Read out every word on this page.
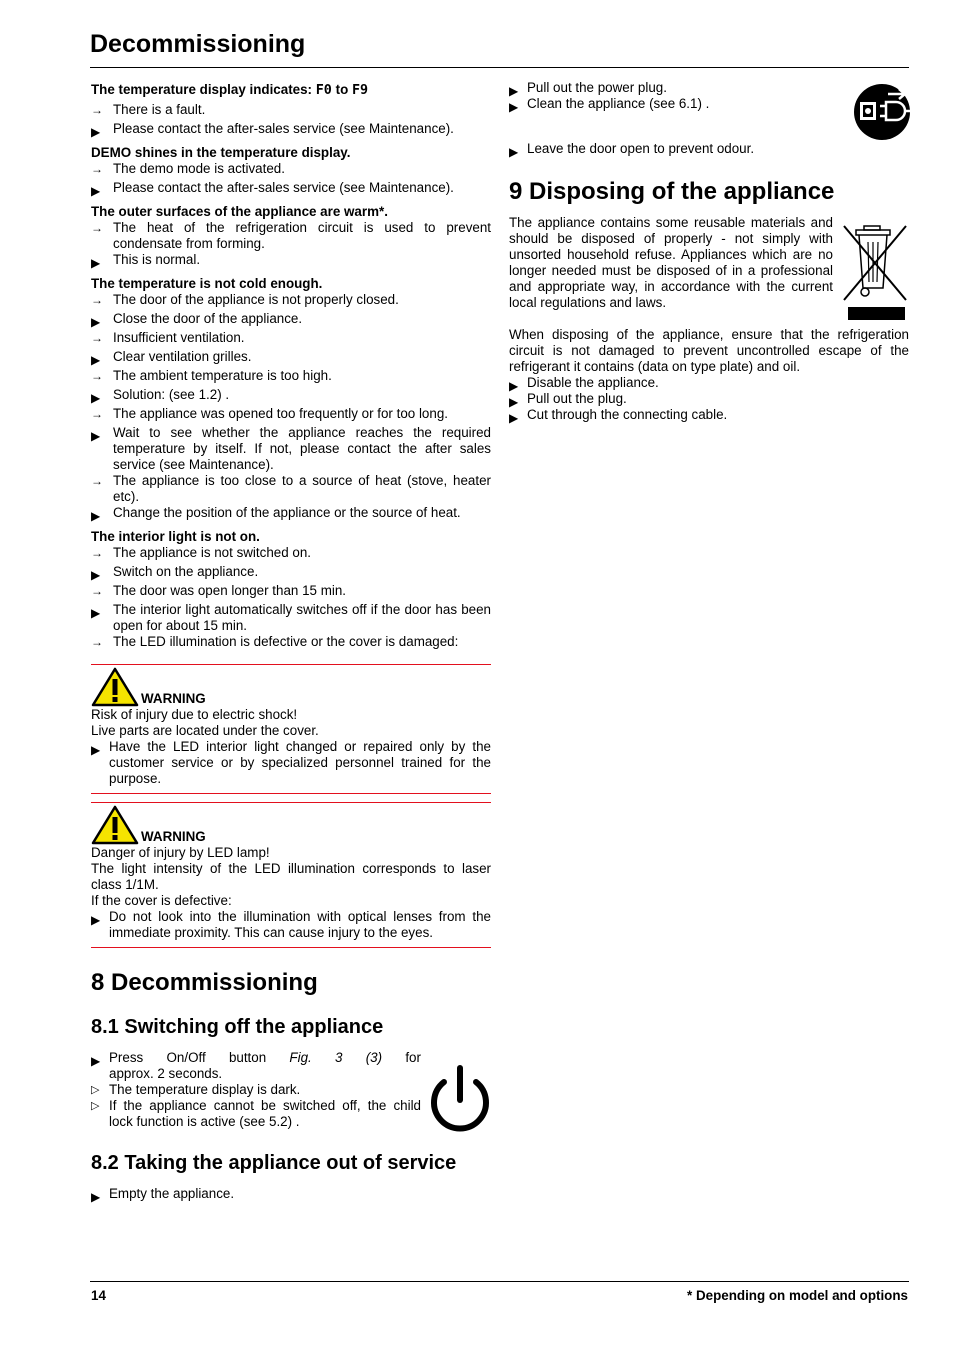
Decommissioning
The temperature display indicates: F0 to F9
→ There is a fault.
▶ Please contact the after-sales service (see Maintenance).
DEMO shines in the temperature display.
→ The demo mode is activated.
▶ Please contact the after-sales service (see Maintenance).
The outer surfaces of the appliance are warm*.
→ The heat of the refrigeration circuit is used to prevent condensate from forming.
▶ This is normal.
The temperature is not cold enough.
→ The door of the appliance is not properly closed.
▶ Close the door of the appliance.
→ Insufficient ventilation.
▶ Clear ventilation grilles.
→ The ambient temperature is too high.
▶ Solution: (see 1.2) .
→ The appliance was opened too frequently or for too long.
▶ Wait to see whether the appliance reaches the required temperature by itself. If not, please contact the after sales service (see Maintenance).
→ The appliance is too close to a source of heat (stove, heater etc).
▶ Change the position of the appliance or the source of heat.
The interior light is not on.
→ The appliance is not switched on.
▶ Switch on the appliance.
→ The door was open longer than 15 min.
▶ The interior light automatically switches off if the door has been open for about 15 min.
→ The LED illumination is defective or the cover is damaged:
WARNING
Risk of injury due to electric shock!
Live parts are located under the cover.
▶ Have the LED interior light changed or repaired only by the customer service or by specialized personnel trained for the purpose.
WARNING
Danger of injury by LED lamp!
The light intensity of the LED illumination corresponds to laser class 1/1M.
If the cover is defective:
▶ Do not look into the illumination with optical lenses from the immediate proximity. This can cause injury to the eyes.
8 Decommissioning
8.1 Switching off the appliance
▶ Press On/Off button Fig. 3 (3) for
approx. 2 seconds.
▷ The temperature display is dark.
▷ If the appliance cannot be switched off, the child lock function is active (see 5.2) .
8.2 Taking the appliance out of service
▶ Empty the appliance.
▶ Pull out the power plug.
▶ Clean the appliance (see 6.1) .
▶ Leave the door open to prevent odour.
9 Disposing of the appliance
The appliance contains some reusable materials and should be disposed of properly - not simply with unsorted household refuse. Appliances which are no longer needed must be disposed of in a professional and appropriate way, in accordance with the current local regulations and laws.
When disposing of the appliance, ensure that the refrigeration circuit is not damaged to prevent uncontrolled escape of the refrigerant it contains (data on type plate) and oil.
▶ Disable the appliance.
▶ Pull out the plug.
▶ Cut through the connecting cable.
14	* Depending on model and options
